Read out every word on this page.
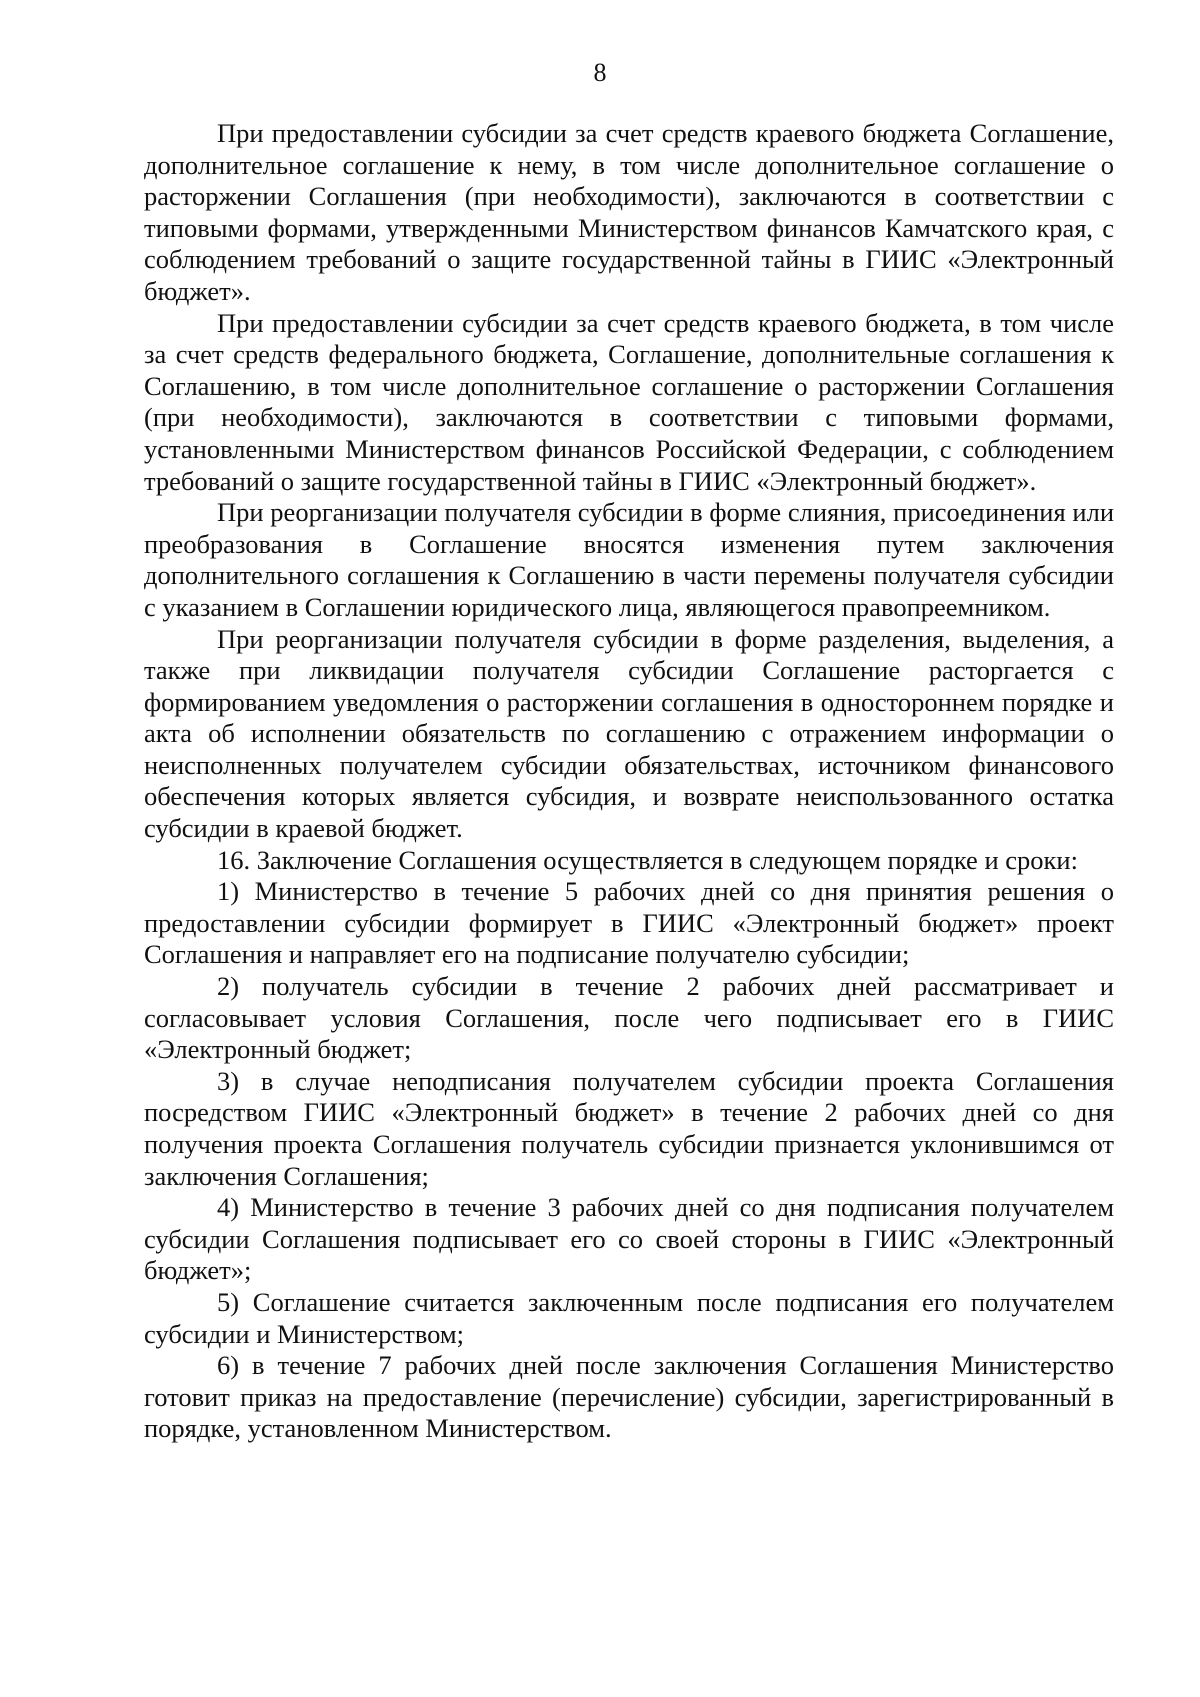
8

При предоставлении субсидии за счет средств краевого бюджета Соглашение, дополнительное соглашение к нему, в том числе дополнительное соглашение о расторжении Соглашения (при необходимости), заключаются в соответствии с типовыми формами, утвержденными Министерством финансов Камчатского края, с соблюдением требований о защите государственной тайны в ГИИС «Электронный бюджет».

При предоставлении субсидии за счет средств краевого бюджета, в том числе за счет средств федерального бюджета, Соглашение, дополнительные соглашения к Соглашению, в том числе дополнительное соглашение о расторжении Соглашения (при необходимости), заключаются в соответствии с типовыми формами, установленными Министерством финансов Российской Федерации, с соблюдением требований о защите государственной тайны в ГИИС «Электронный бюджет».

При реорганизации получателя субсидии в форме слияния, присоединения или преобразования в Соглашение вносятся изменения путем заключения дополнительного соглашения к Соглашению в части перемены получателя субсидии с указанием в Соглашении юридического лица, являющегося правопреемником.

При реорганизации получателя субсидии в форме разделения, выделения, а также при ликвидации получателя субсидии Соглашение расторгается с формированием уведомления о расторжении соглашения в одностороннем порядке и акта об исполнении обязательств по соглашению с отражением информации о неисполненных получателем субсидии обязательствах, источником финансового обеспечения которых является субсидия, и возврате неиспользованного остатка субсидии в краевой бюджет.

16. Заключение Соглашения осуществляется в следующем порядке и сроки:

1) Министерство в течение 5 рабочих дней со дня принятия решения о предоставлении субсидии формирует в ГИИС «Электронный бюджет» проект Соглашения и направляет его на подписание получателю субсидии;

2) получатель субсидии в течение 2 рабочих дней рассматривает и согласовывает условия Соглашения, после чего подписывает его в ГИИС «Электронный бюджет;

3) в случае неподписания получателем субсидии проекта Соглашения посредством ГИИС «Электронный бюджет» в течение 2 рабочих дней со дня получения проекта Соглашения получатель субсидии признается уклонившимся от заключения Соглашения;

4) Министерство в течение 3 рабочих дней со дня подписания получателем субсидии Соглашения подписывает его со своей стороны в ГИИС «Электронный бюджет»;

5) Соглашение считается заключенным после подписания его получателем субсидии и Министерством;

6) в течение 7 рабочих дней после заключения Соглашения Министерство готовит приказ на предоставление (перечисление) субсидии, зарегистрированный в порядке, установленном Министерством.
